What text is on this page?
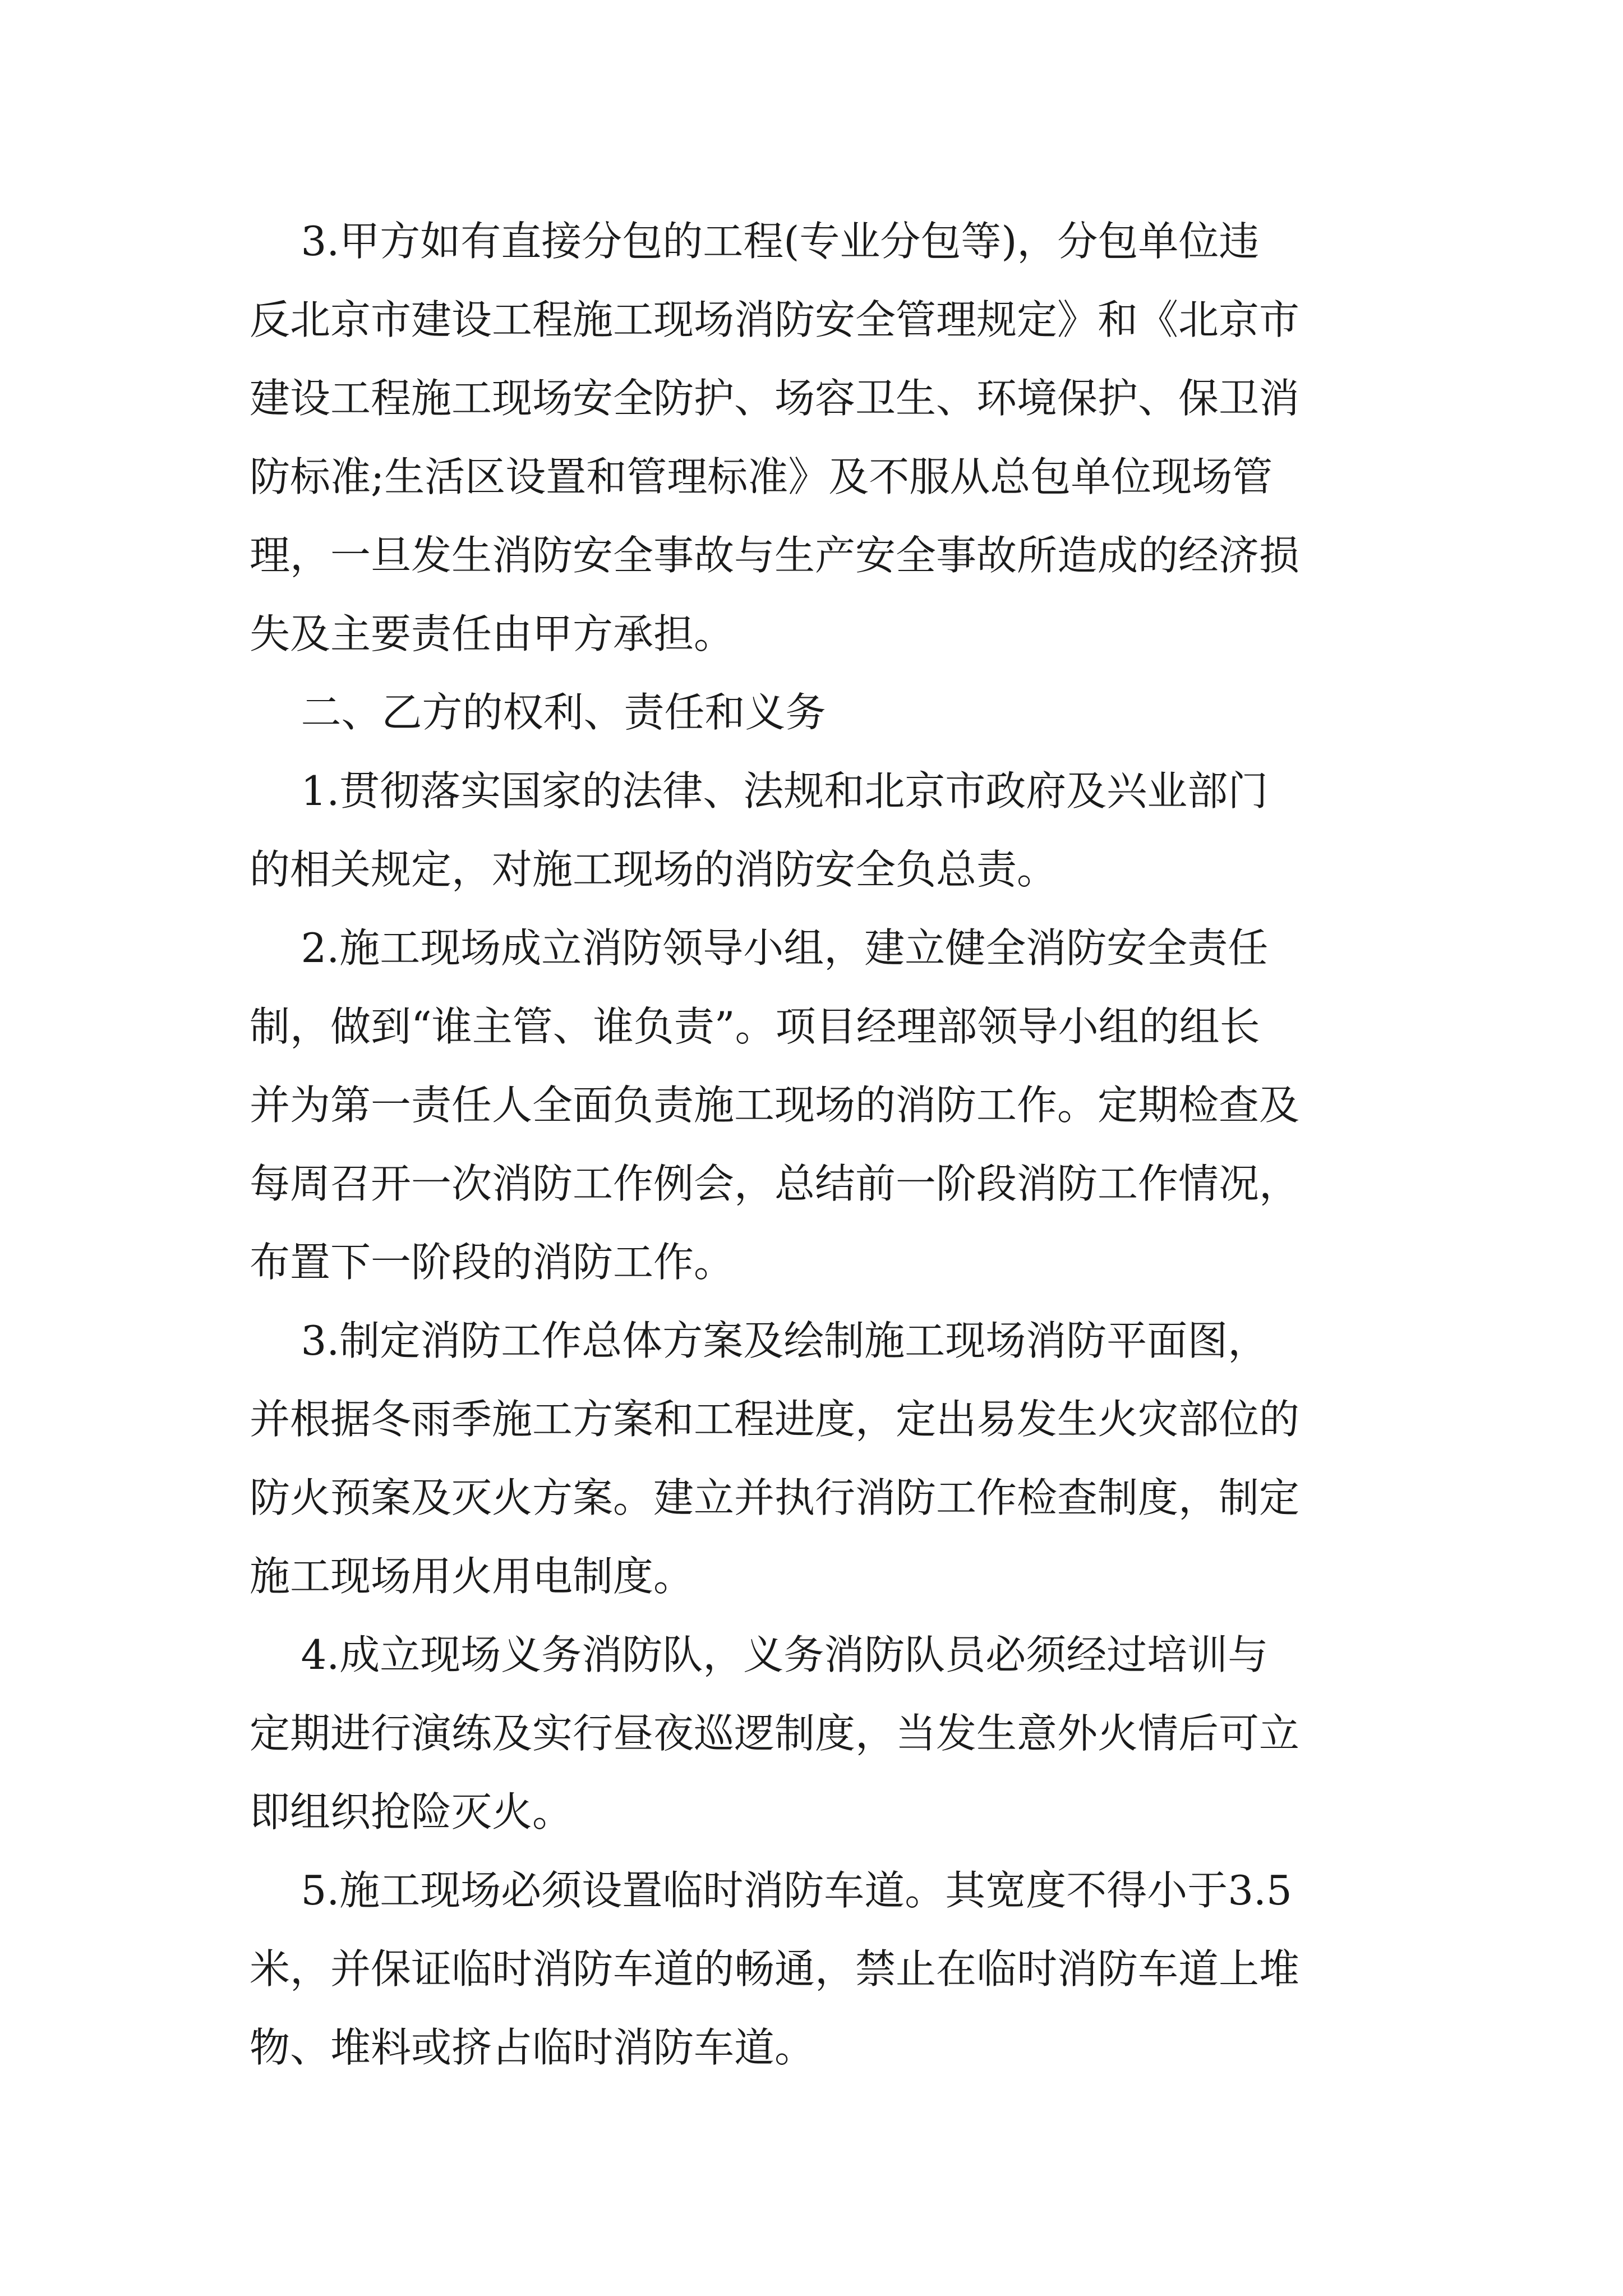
3.甲方如有直接分包的工程(专业分包等)，分包单位违
反北京市建设工程施工现场消防安全管理规定》和《北京市
建设工程施工现场安全防护、场容卫生、环境保护、保卫消
防标准;生活区设置和管理标准》及不服从总包单位现场管
理，一旦发生消防安全事故与生产安全事故所造成的经济损
失及主要责任由甲方承担。
二、乙方的权利、责任和义务
1.贯彻落实国家的法律、法规和北京市政府及兴业部门
的相关规定，对施工现场的消防安全负总责。
2.施工现场成立消防领导小组，建立健全消防安全责任
制，做到“谁主管、谁负责”。项目经理部领导小组的组长
并为第一责任人全面负责施工现场的消防工作。定期检查及
每周召开一次消防工作例会，总结前一阶段消防工作情况，
布置下一阶段的消防工作。
3.制定消防工作总体方案及绘制施工现场消防平面图，
并根据冬雨季施工方案和工程进度，定出易发生火灾部位的
防火预案及灭火方案。建立并执行消防工作检查制度，制定
施工现场用火用电制度。
4.成立现场义务消防队，义务消防队员必须经过培训与
定期进行演练及实行昼夜巡逻制度，当发生意外火情后可立
即组织抢险灭火。
5.施工现场必须设置临时消防车道。其宽度不得小于3.5
米，并保证临时消防车道的畅通，禁止在临时消防车道上堆
物、堆料或挤占临时消防车道。
